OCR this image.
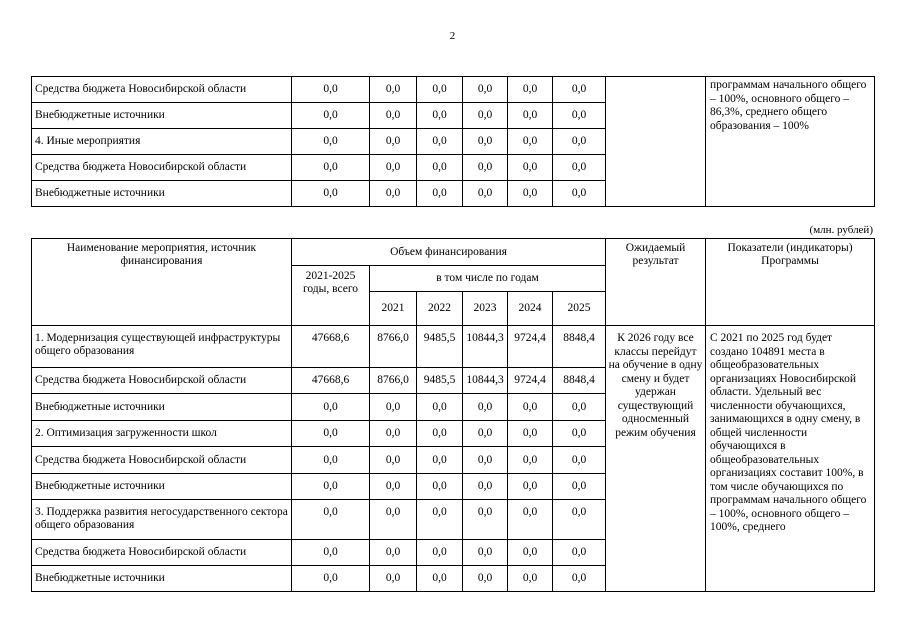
2
Средства бюджета Новосибирской области	0,0	0,0	0,0	0,0	0,0	0,0		программам начального общего – 100%, основного общего – 86,3%, среднего общего образования – 100%
Внебюджетные источники	0,0	0,0	0,0	0,0	0,0	0,0		
4. Иные мероприятия	0,0	0,0	0,0	0,0	0,0	0,0		
Средства бюджета Новосибирской области	0,0	0,0	0,0	0,0	0,0	0,0		
Внебюджетные источники	0,0	0,0	0,0	0,0	0,0	0,0		
(млн. рублей)
Наименование мероприятия, источник финансирования	Объем финансирования						Ожидаемый результат	Показатели (индикаторы) Программы
	2021-2025 годы, всего	в том числе по годам						
		2021	2022	2023	2024	2025		
1. Модернизация существующей инфраструктуры общего образования	47668,6	8766,0	9485,5	10844,3	9724,4	8848,4	К 2026 году все классы перейдут на обучение в одну смену и будет удержан существующий односменный режим обучения	С 2021 по 2025 год будет создано 104891 места в общеобразовательных организациях Новосибирской области. Удельный вес численности обучающихся, занимающихся в одну смену, в общей численности обучающихся в общеобразовательных организациях составит 100%, в том числе обучающихся по программам начального общего – 100%, основного общего – 100%, среднего
Средства бюджета Новосибирской области	47668,6	8766,0	9485,5	10844,3	9724,4	8848,4		
Внебюджетные источники	0,0	0,0	0,0	0,0	0,0	0,0		
2. Оптимизация загруженности школ	0,0	0,0	0,0	0,0	0,0	0,0		
Средства бюджета Новосибирской области	0,0	0,0	0,0	0,0	0,0	0,0		
Внебюджетные источники	0,0	0,0	0,0	0,0	0,0	0,0		
3. Поддержка развития негосударственного сектора общего образования	0,0	0,0	0,0	0,0	0,0	0,0		
Средства бюджета Новосибирской области	0,0	0,0	0,0	0,0	0,0	0,0		
Внебюджетные источники	0,0	0,0	0,0	0,0	0,0	0,0		
